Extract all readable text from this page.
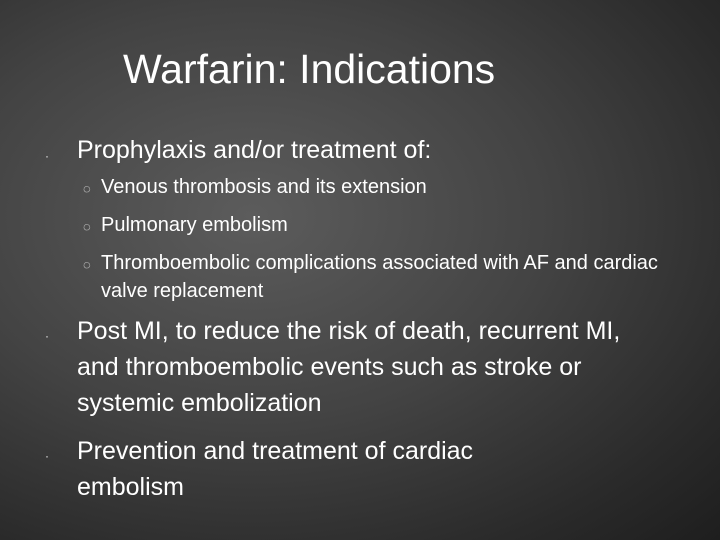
Warfarin: Indications
· Prophylaxis and/or treatment of:
◌ Venous thrombosis and its extension
◌ Pulmonary embolism
◌ Thromboembolic complications associated with AF and cardiac valve replacement
· Post MI, to reduce the risk of death, recurrent MI, and thromboembolic events such as stroke or systemic embolization
· Prevention and treatment of cardiac embolism
